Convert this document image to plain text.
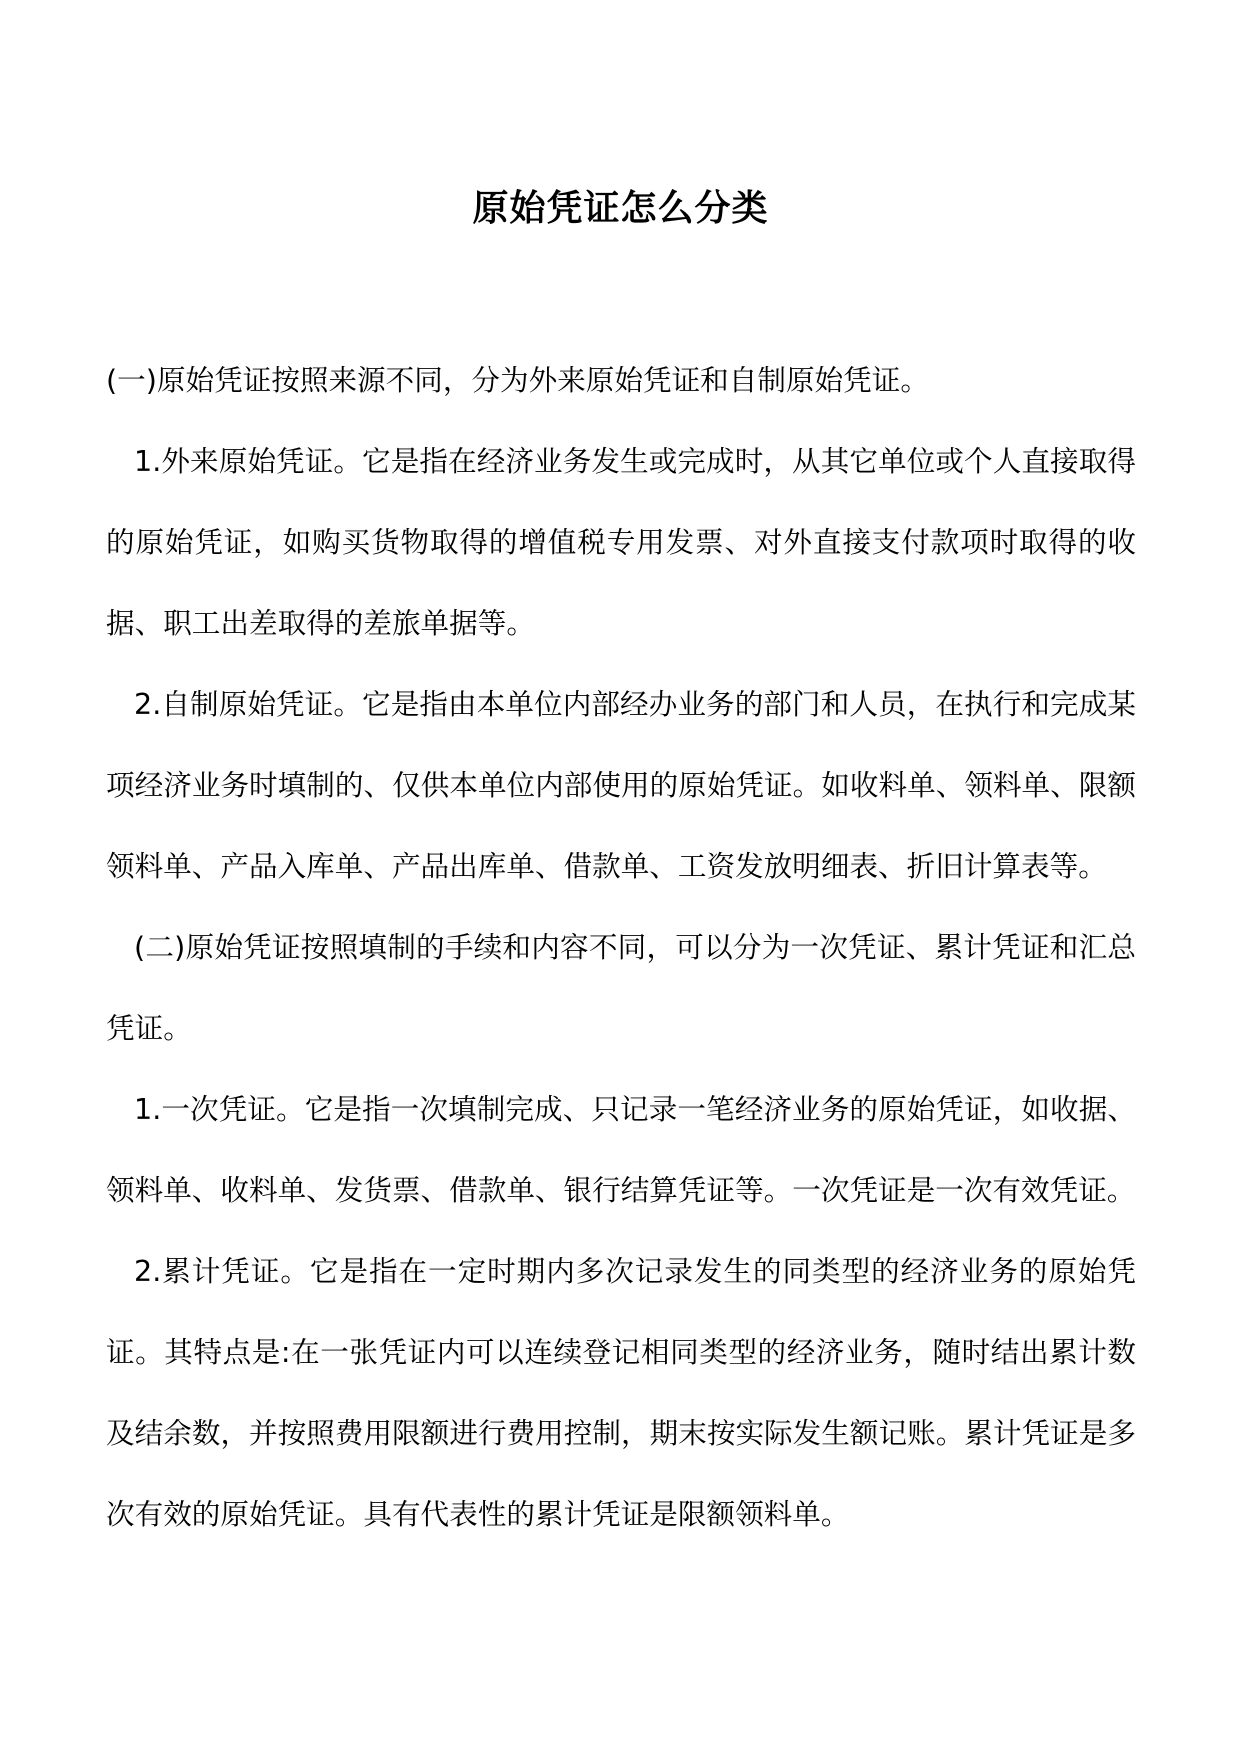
原始凭证怎么分类

(一)原始凭证按照来源不同，分为外来原始凭证和自制原始凭证。

1.外来原始凭证。它是指在经济业务发生或完成时，从其它单位或个人直接取得的原始凭证，如购买货物取得的增值税专用发票、对外直接支付款项时取得的收据、职工出差取得的差旅单据等。

2.自制原始凭证。它是指由本单位内部经办业务的部门和人员，在执行和完成某项经济业务时填制的、仅供本单位内部使用的原始凭证。如收料单、领料单、限额领料单、产品入库单、产品出库单、借款单、工资发放明细表、折旧计算表等。

(二)原始凭证按照填制的手续和内容不同，可以分为一次凭证、累计凭证和汇总凭证。

1.一次凭证。它是指一次填制完成、只记录一笔经济业务的原始凭证，如收据、领料单、收料单、发货票、借款单、银行结算凭证等。一次凭证是一次有效凭证。

2.累计凭证。它是指在一定时期内多次记录发生的同类型的经济业务的原始凭证。其特点是:在一张凭证内可以连续登记相同类型的经济业务，随时结出累计数及结余数，并按照费用限额进行费用控制，期末按实际发生额记账。累计凭证是多次有效的原始凭证。具有代表性的累计凭证是限额领料单。
